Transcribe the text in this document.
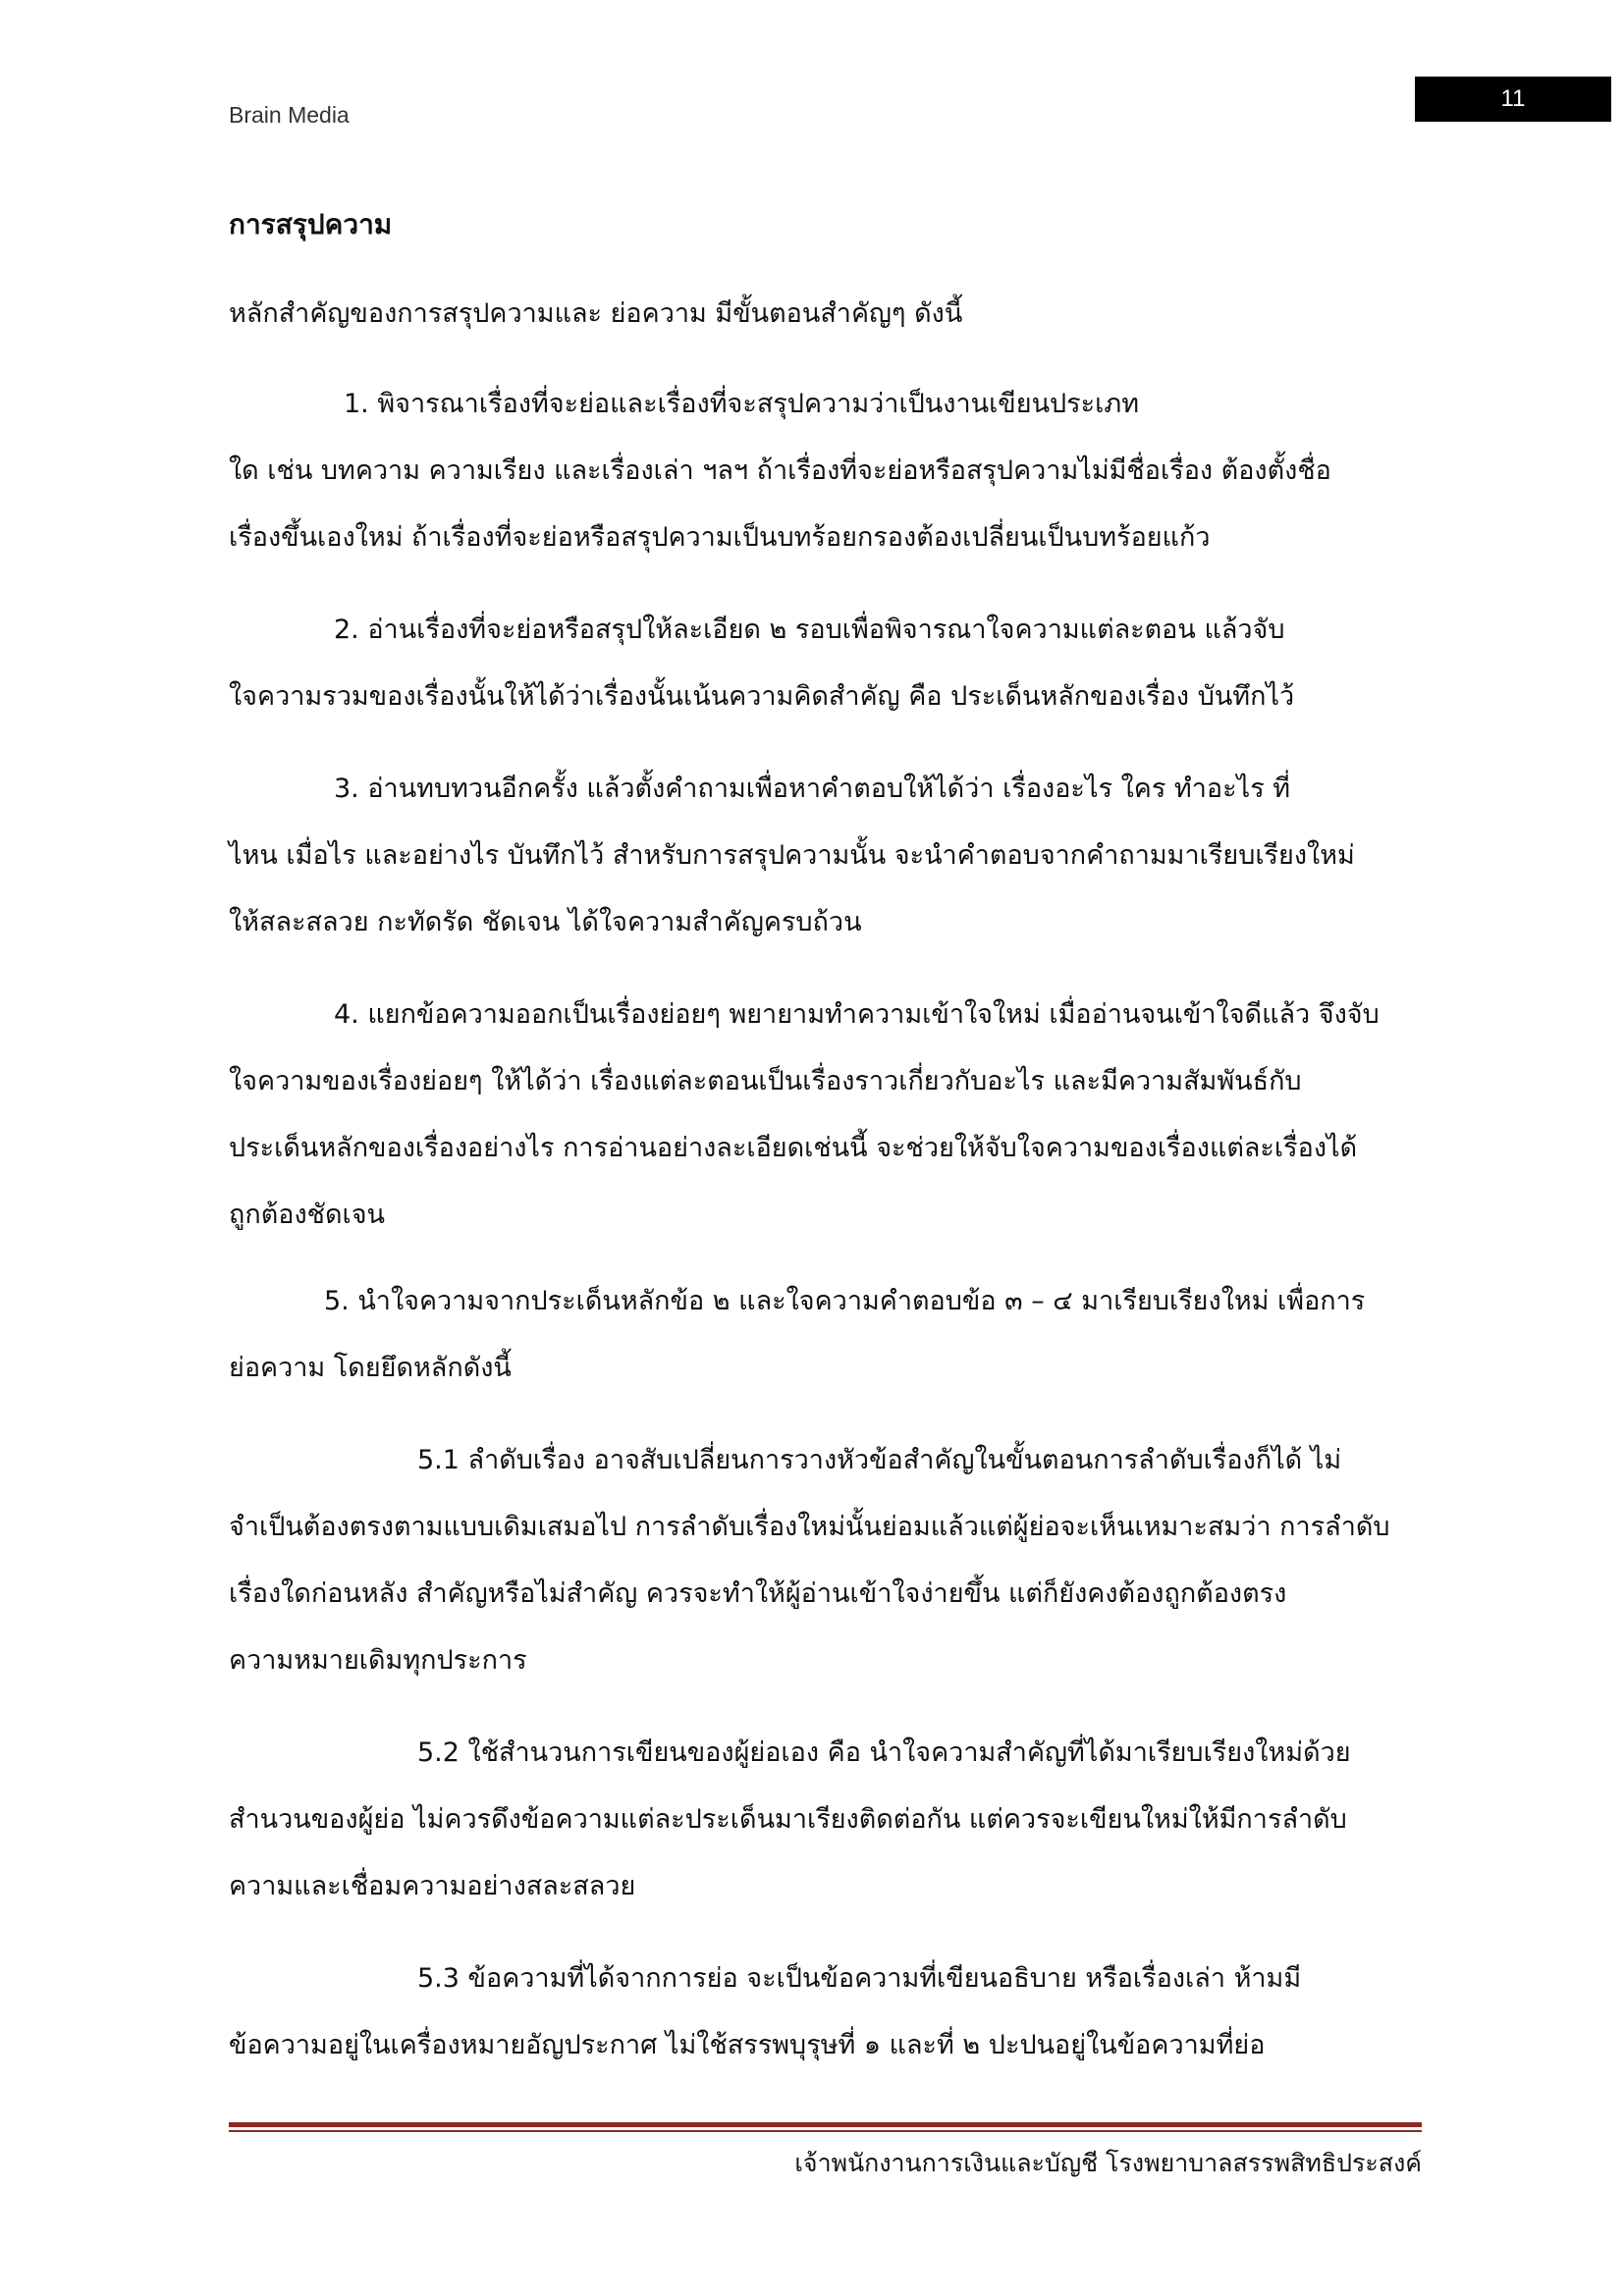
Brain Media
11
การสรุปความ
หลักสำคัญของการสรุปความและ ย่อความ มีขั้นตอนสำคัญๆ ดังนี้
1. พิจารณาเรื่องที่จะย่อและเรื่องที่จะสรุปความว่าเป็นงานเขียนประเภท
ใด เช่น บทความ ความเรียง และเรื่องเล่า ฯลฯ ถ้าเรื่องที่จะย่อหรือสรุปความไม่มีชื่อเรื่อง ต้องตั้งชื่อ
เรื่องขึ้นเองใหม่ ถ้าเรื่องที่จะย่อหรือสรุปความเป็นบทร้อยกรองต้องเปลี่ยนเป็นบทร้อยแก้ว
2. อ่านเรื่องที่จะย่อหรือสรุปให้ละเอียด ๒ รอบเพื่อพิจารณาใจความแต่ละตอน แล้วจับ
ใจความรวมของเรื่องนั้นให้ได้ว่าเรื่องนั้นเน้นความคิดสำคัญ คือ ประเด็นหลักของเรื่อง บันทึกไว้
3. อ่านทบทวนอีกครั้ง แล้วตั้งคำถามเพื่อหาคำตอบให้ได้ว่า เรื่องอะไร ใคร ทำอะไร ที่
ไหน เมื่อไร และอย่างไร บันทึกไว้ สำหรับการสรุปความนั้น จะนำคำตอบจากคำถามมาเรียบเรียงใหม่
ให้สละสลวย กะทัดรัด ชัดเจน ได้ใจความสำคัญครบถ้วน
4. แยกข้อความออกเป็นเรื่องย่อยๆ พยายามทำความเข้าใจใหม่ เมื่ออ่านจนเข้าใจดีแล้ว จึงจับ
ใจความของเรื่องย่อยๆ ให้ได้ว่า เรื่องแต่ละตอนเป็นเรื่องราวเกี่ยวกับอะไร และมีความสัมพันธ์กับ
ประเด็นหลักของเรื่องอย่างไร การอ่านอย่างละเอียดเช่นนี้ จะช่วยให้จับใจความของเรื่องแต่ละเรื่องได้
ถูกต้องชัดเจน
5. นำใจความจากประเด็นหลักข้อ ๒ และใจความคำตอบข้อ ๓ – ๔ มาเรียบเรียงใหม่ เพื่อการ
ย่อความ โดยยึดหลักดังนี้
5.1 ลำดับเรื่อง อาจสับเปลี่ยนการวางหัวข้อสำคัญในขั้นตอนการลำดับเรื่องก็ได้ ไม่
จำเป็นต้องตรงตามแบบเดิมเสมอไป การลำดับเรื่องใหม่นั้นย่อมแล้วแต่ผู้ย่อจะเห็นเหมาะสมว่า การลำดับ
เรื่องใดก่อนหลัง สำคัญหรือไม่สำคัญ ควรจะทำให้ผู้อ่านเข้าใจง่ายขึ้น แต่ก็ยังคงต้องถูกต้องตรง
ความหมายเดิมทุกประการ
5.2 ใช้สำนวนการเขียนของผู้ย่อเอง คือ นำใจความสำคัญที่ได้มาเรียบเรียงใหม่ด้วย
สำนวนของผู้ย่อ ไม่ควรดึงข้อความแต่ละประเด็นมาเรียงติดต่อกัน แต่ควรจะเขียนใหม่ให้มีการลำดับ
ความและเชื่อมความอย่างสละสลวย
5.3 ข้อความที่ได้จากการย่อ จะเป็นข้อความที่เขียนอธิบาย หรือเรื่องเล่า ห้ามมี
ข้อความอยู่ในเครื่องหมายอัญประกาศ ไม่ใช้สรรพบุรุษที่ ๑ และที่ ๒ ปะปนอยู่ในข้อความที่ย่อ
เจ้าพนักงานการเงินและบัญชี โรงพยาบาลสรรพสิทธิประสงค์
